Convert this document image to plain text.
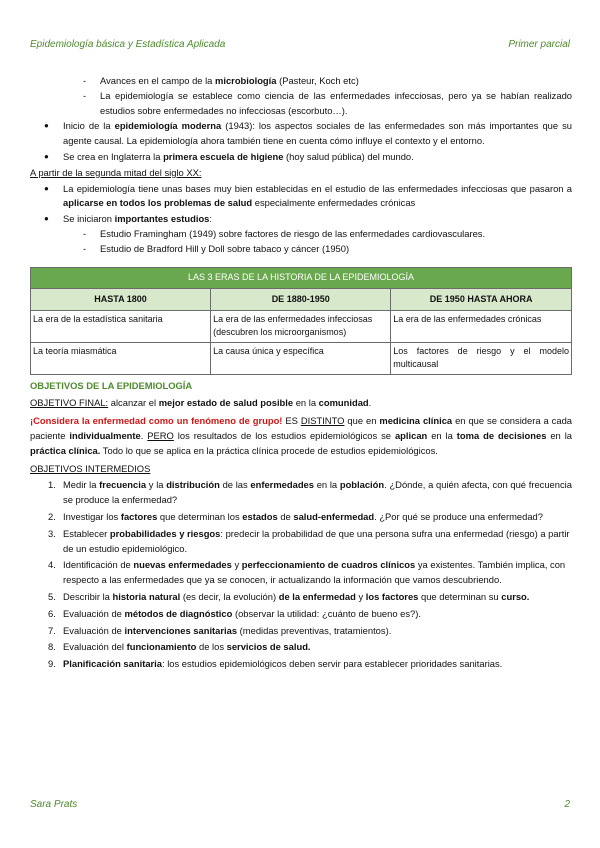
Epidemiología básica y Estadística Aplicada	Primer parcial
- Avances en el campo de la microbiología (Pasteur, Koch etc)
- La epidemiología se establece como ciencia de las enfermedades infecciosas, pero ya se habían realizado estudios sobre enfermedades no infecciosas (escorbuto…).
● Inicio de la epidemiología moderna (1943): los aspectos sociales de las enfermedades son más importantes que su agente causal. La epidemiología ahora también tiene en cuenta cómo influye el contexto y el entorno.
● Se crea en Inglaterra la primera escuela de higiene (hoy salud pública) del mundo.
A partir de la segunda mitad del siglo XX:
● La epidemiología tiene unas bases muy bien establecidas en el estudio de las enfermedades infecciosas que pasaron a aplicarse en todos los problemas de salud especialmente enfermedades crónicas
● Se iniciaron importantes estudios:
- Estudio Framingham (1949) sobre factores de riesgo de las enfermedades cardiovasculares.
- Estudio de Bradford Hill y Doll sobre tabaco y cáncer (1950)
LAS 3 ERAS DE LA HISTORIA DE LA EPIDEMIOLOGÍA		
HASTA 1800	DE 1880-1950	DE 1950 HASTA AHORA
La era de la estadística sanitaria	La era de las enfermedades infecciosas (descubren los microorganismos)	La era de las enfermedades crónicas
La teoría miasmática	La causa única y específica	Los factores de riesgo y el modelo multicausal
OBJETIVOS DE LA EPIDEMIOLOGÍA
OBJETIVO FINAL: alcanzar el mejor estado de salud posible en la comunidad.
¡Considera la enfermedad como un fenómeno de grupo! ES DISTINTO que en medicina clínica en que se considera a cada paciente individualmente. PERO los resultados de los estudios epidemiológicos se aplican en la toma de decisiones en la práctica clínica. Todo lo que se aplica en la práctica clínica procede de estudios epidemiológicos.
OBJETIVOS INTERMEDIOS
1. Medir la frecuencia y la distribución de las enfermedades en la población. ¿Dónde, a quién afecta, con qué frecuencia se produce la enfermedad?
2. Investigar los factores que determinan los estados de salud-enfermedad. ¿Por qué se produce una enfermedad?
3. Establecer probabilidades y riesgos: predecir la probabilidad de que una persona sufra una enfermedad (riesgo) a partir de un estudio epidemiológico.
4. Identificación de nuevas enfermedades y perfeccionamiento de cuadros clínicos ya existentes. También implica, con respecto a las enfermedades que ya se conocen, ir actualizando la información que vamos descubriendo.
5. Describir la historia natural (es decir, la evolución) de la enfermedad y los factores que determinan su curso.
6. Evaluación de métodos de diagnóstico (observar la utilidad: ¿cuánto de bueno es?).
7. Evaluación de intervenciones sanitarias (medidas preventivas, tratamientos).
8. Evaluación del funcionamiento de los servicios de salud.
9. Planificación sanitaria: los estudios epidemiológicos deben servir para establecer prioridades sanitarias.
Sara Prats	2
